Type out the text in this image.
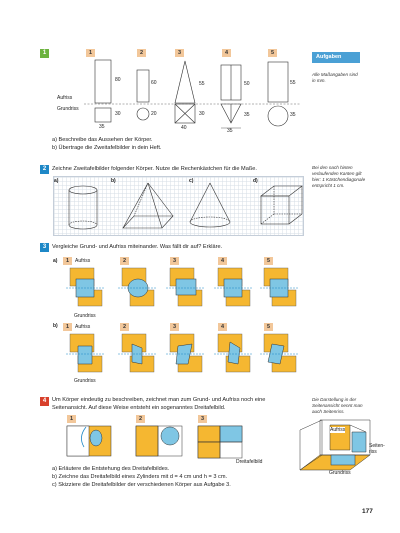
Aufgaben
Alle Maßangaben sind in mm.
1	1	2	3	4	5
Aufriss
Grundriss
80
30
35
60
20
55
30
40
50
35
55
35
35
a) Beschreibe das Aussehen der Körper.
b) Übertrage die Zweitafelbilder in dein Heft.
2	Zeichne Zweitafelbilder folgender Körper. Nutze die Rechenkästchen für die Maße.	Bei den nach hinten verlaufenden Kanten gilt hier: 1 Kästchendiagonale entspricht 1 cm.
a)	b)	c)	d)
3	Vergleiche Grund- und Aufriss miteinander. Was fällt dir auf? Erkläre.
a)	1	Aufriss	2	3	4	5
b)	1	Aufriss	2	3	4	5
Grundriss
Grundriss
4	Um Körper eindeutig zu beschreiben, zeichnet man zum Grund- und Aufriss noch eine
Seitenansicht. Auf diese Weise entsteht ein sogenanntes Dreitafelbild.
Die Darstellung in der Seitenansicht nennt man auch Seitenriss.
1	2	3
Dreitafelbild
Aufriss
Seiten-
riss
Grundriss
a) Erläutere die Entstehung des Dreitafelbildes.
b) Zeichne das Dreitafelbild eines Zylinders mit d = 4 cm und h = 3 cm.
c) Skizziere die Dreitafelbilder der verschiedenen Körper aus Aufgabe 3.
177
